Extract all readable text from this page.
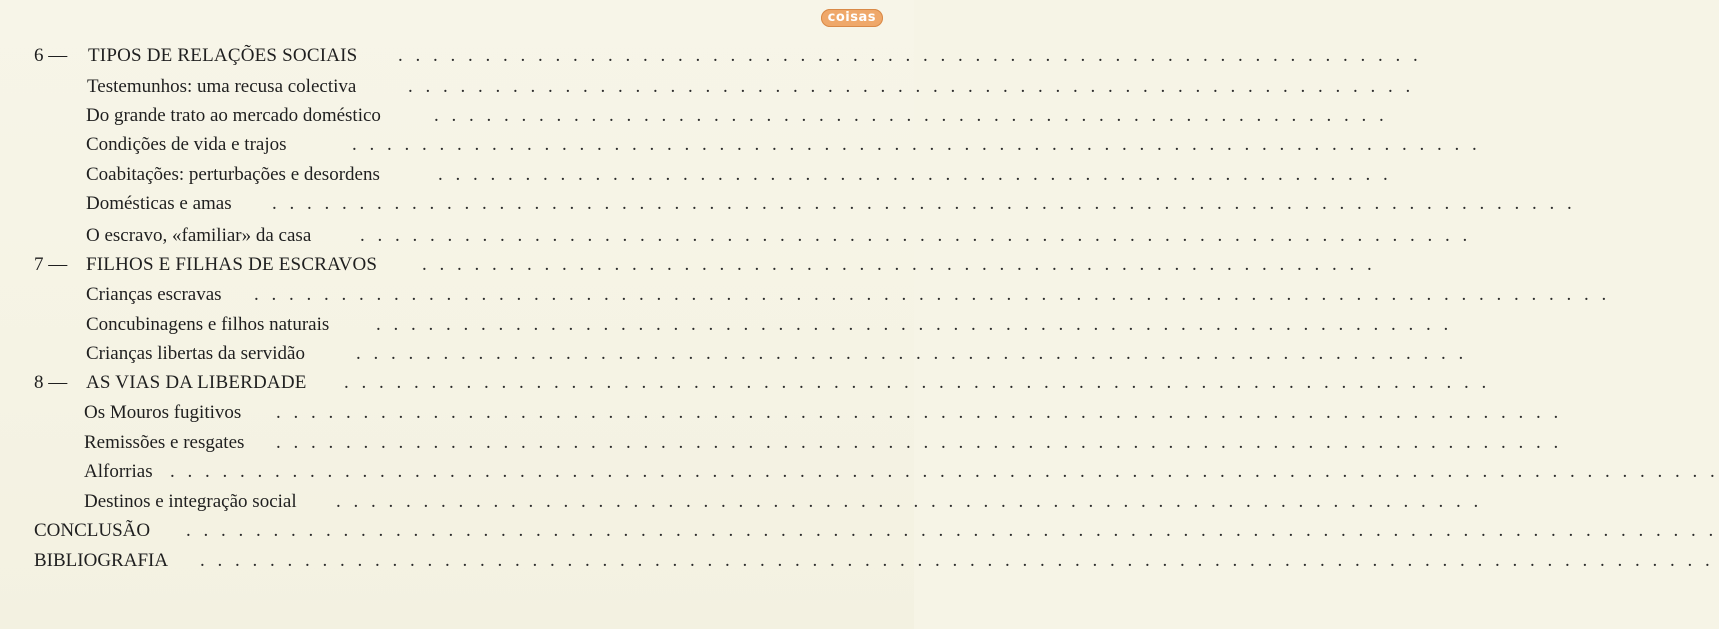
coisas
6 — TIPOS DE RELAÇÕES SOCIAIS . . . . . . . . . . . . . . . . . . . . . . . . . . . . . . . . . . . . . . . . . . . . . . . . . . . . . . . . . . .
Testemunhos: uma recusa colectiva	. . . . . . . . . . . . . . . . . . . . . . . . . . . . . . . . . . . . . . . . . . . . . . . . . . . . . . . . . .
Do grande trato ao mercado doméstico	. . . . . . . . . . . . . . . . . . . . . . . . . . . . . . . . . . . . . . . . . . . . . . . . . . . . . . .
Condições de vida e trajos	. . . . . . . . . . . . . . . . . . . . . . . . . . . . . . . . . . . . . . . . . . . . . . . . . . . . . . . . . . . . . . . . .
Coabitações: perturbações e desordens	. . . . . . . . . . . . . . . . . . . . . . . . . . . . . . . . . . . . . . . . . . . . . . . . . . . . . . .
Domésticas e amas . . . . . . . . . . . . . . . . . . . . . . . . . . . . . . . . . . . . . . . . . . . . . . . . . . . . . . . . . . . . . . . . . . . . . . . . . . .
O escravo, «familiar» da casa	. . . . . . . . . . . . . . . . . . . . . . . . . . . . . . . . . . . . . . . . . . . . . . . . . . . . . . . . . . . . . . . .
7 — FILHOS E FILHAS DE ESCRAVOS . . . . . . . . . . . . . . . . . . . . . . . . . . . . . . . . . . . . . . . . . . . . . . . . . . . . . . .
Crianças escravas . . . . . . . . . . . . . . . . . . . . . . . . . . . . . . . . . . . . . . . . . . . . . . . . . . . . . . . . . . . . . . . . . . . . . . . . . . . . . .
Concubinagens e filhos naturais . . . . . . . . . . . . . . . . . . . . . . . . . . . . . . . . . . . . . . . . . . . . . . . . . . . . . . . . . . . . . .
Crianças libertas da servidão	. . . . . . . . . . . . . . . . . . . . . . . . . . . . . . . . . . . . . . . . . . . . . . . . . . . . . . . . . . . . . . . .
8 — AS VIAS DA LIBERDADE . . . . . . . . . . . . . . . . . . . . . . . . . . . . . . . . . . . . . . . . . . . . . . . . . . . . . . . . . . . . . . . . . .
Os Mouros fugitivos . . . . . . . . . . . . . . . . . . . . . . . . . . . . . . . . . . . . . . . . . . . . . . . . . . . . . . . . . . . . . . . . . . . . . . . . . .
Remissões e resgates . . . . . . . . . . . . . . . . . . . . . . . . . . . . . . . . . . . . . . . . . . . . . . . . . . . . . . . . . . . . . . . . . . . . . . . . . .
Alforrias . . . . . . . . . . . . . . . . . . . . . . . . . . . . . . . . . . . . . . . . . . . . . . . . . . . . . . . . . . . . . . . . . . . . . . . . . . . . . . . . . . . . . . . . .
Destinos e integração social . . . . . . . . . . . . . . . . . . . . . . . . . . . . . . . . . . . . . . . . . . . . . . . . . . . . . . . . . . . . . . . . . .
CONCLUSÃO . . . . . . . . . . . . . . . . . . . . . . . . . . . . . . . . . . . . . . . . . . . . . . . . . . . . . . . . . . . . . . . . . . . . . . . . . . . . . . . . . . . . . . . .
BIBLIOGRAFIA . . . . . . . . . . . . . . . . . . . . . . . . . . . . . . . . . . . . . . . . . . . . . . . . . . . . . . . . . . . . . . . . . . . . . . . . . . . . . . . . . . . . . . .
